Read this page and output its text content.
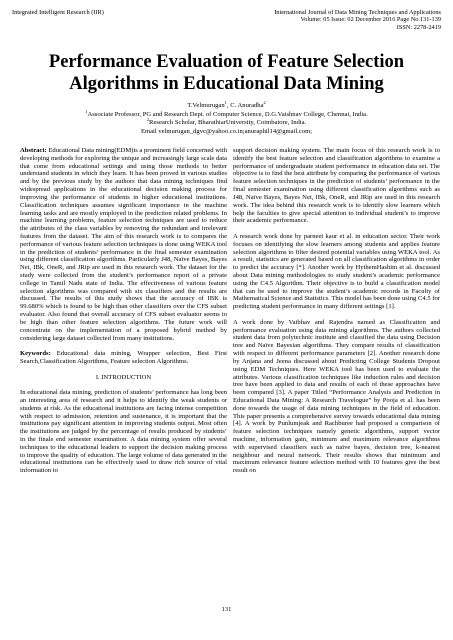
Integrated Intelligent Research (IIR)	International Journal of Data Mining Techniques and Applications
Volume: 05 Issue: 02 December 2016 Page No.131-139
ISSN: 2278-2419
Performance Evaluation of Feature Selection
Algorithms in Educational Data Mining
T.Velmurugan$^1$, C. Anuradha$^2$
$^1$Associate Professor, PG and Research Dept. of Computer Science, D.G.Vaishnav College, Chennai, India.
$^2$Research Scholar, BharathiarUniversity, Coimbatore, India.
Email velmurugan_dgvc@yahoo.co.in;anuraphil14@gmail.com;

Abstract: Educational Data mining(EDM)is a prominent field concerned with developing methods for exploring the unique and increasingly large scale data that come from educational settings and using those methods to better understand students in which they learn. It has been proved in various studies and by the previous study by the authors that data mining techniques find widespread applications in the educational decision making process for improving the performance of students in higher educational institutions. Classification techniques assumes significant importance in the machine learning tasks and are mostly employed in the prediction related problems. In machine learning problems, feature selection techniques are used to reduce the attributes of the class variables by removing the redundant and irrelevant features from the dataset. The aim of this research work is to compares the performance of various feature selection techniques is done using WEKA tool in the prediction of students’ performance in the final semester examination using different classification algorithms. Particularly J48, Naïve Bayes, Bayes Net, IBk, OneR, and JRip are used in this research work. The dataset for the study were collected from the student’s performance report of a private college in Tamil Nadu state of India. The effectiveness of various feature selection algorithms was compared with six classifiers and the results are discussed. The results of this study shows that the accuracy of IBK is 99.680% which is found to be high than other classifiers over the CFS subset evaluator. Also found that overall accuracy of CFS subset evaluator seems to be high than other feature selection algorithms. The future work will concentrate on the implementation of a proposed hybrid method by considering large dataset collected from many institutions.

Keywords: Educational data mining, Wrapper selection, Best First Search,Classification Algorithms, Feature selection Algorithms.

I. INTRODUCTION

In educational data mining, prediction of students’ performance has long been an interesting area of research and it helps to identify the weak students or students at risk. As the educational institutions are facing intense competition with respect to admission, retention and sustenance, it is important that the institutions pay significant attention in improving students output. Most often the institutions are judged by the percentage of results produced by students’ in the finale end semester examination. A data mining system offer several techniques to the educational leaders to support the decision making process to improve the quality of education. The large volume of data generated in the educational institutions can be effectively used to draw rich source of vital information to

support decision making system. The main focus of this research work is to identify the best feature selection and classification algorithms to examine a performance of undergraduate student performance in education data set. The objective is to find the best attribute by comparing the performance of various feature selection techniques in the prediction of students’ performance in the final semester examination using different classification algorithms such as J48, Naïve Bayes, Bayes Net, IBk, OneR, and JRip are used in this research work. The idea behind this research work is to identify slow learners which help the faculties to give special attention to individual student’s to improve their academic performance.

A research work done by parneet kaur et al. in education sector. Their work focuses on identifying the slow learners among students and applies feature selection algorithms to filter desired potential variables using WEKA tool. As a result, statistics are generated based on all classification algorithms in order to predict the accuracy [*]. Another work by HythemHashim et al. discussed about Data mining methodologies to study student’s academic performance using the C4.5 Algorithm. Their objective is to build a classification model that can be used to improve the student’s academic records in Faculty of Mathematical Science and Statistics. This model has been done using C4.5 for predicting student performance in many different settings [1].

A work done by Vaibhav and Rajendra named as Classification and performance evaluation using data mining algorithms. The authors collected student data from polytechnic institute and classified the data using Decision tree and Naïve Bayesian algorithms. They compare results of classification with respect to different performance parameters [2]. Another research done by Anjana and Jeena discussed about Predicting College Students Dropout using EDM Techniques. Here WEKA tool has been used to evaluate the attributes. Various classification techniques like induction rules and decision tree have been applied to data and results of each of these approaches have been compared [3]. A paper Titled “Performance Analysis and Prediction in Educational Data Mining: A Research Travelogue” by Pooja et al. has been done towards the usage of data mining techniques in the field of education. This paper presents a comprehensive survey towards educational data mining [4]. A work by Punlumjeak and Rachburee had proposed a comparison of feature selection techniques namely genetic algorithms, support vector machine, information gain, minimum and maximum relevance algorithms with supervised classifiers such as naïve bayes, decision tree, k-nearest neighbour and neural network. Their results shows that minimum and maximum relevance feature selection method with 10 features give the best result on

131
